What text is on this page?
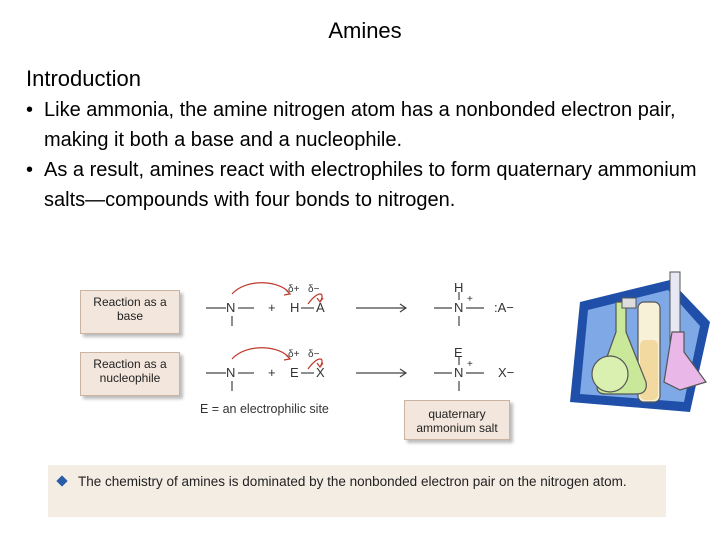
Amines
Introduction

• Like ammonia, the amine nitrogen atom has a nonbonded electron pair, making it both a base and a nucleophile.

• As a result, amines react with electrophiles to form quaternary ammonium salts—compounds with four bonds to nitrogen.

Reaction as a base
Reaction as a nucleophile
N	+ H A
δ+ δ−	H
N
+
:A−
N	+ E X
δ+ δ−	E
N
+
X−
E = an electrophilic site	quaternary ammonium salt
The chemistry of amines is dominated by the nonbonded electron pair on the nitrogen atom.
